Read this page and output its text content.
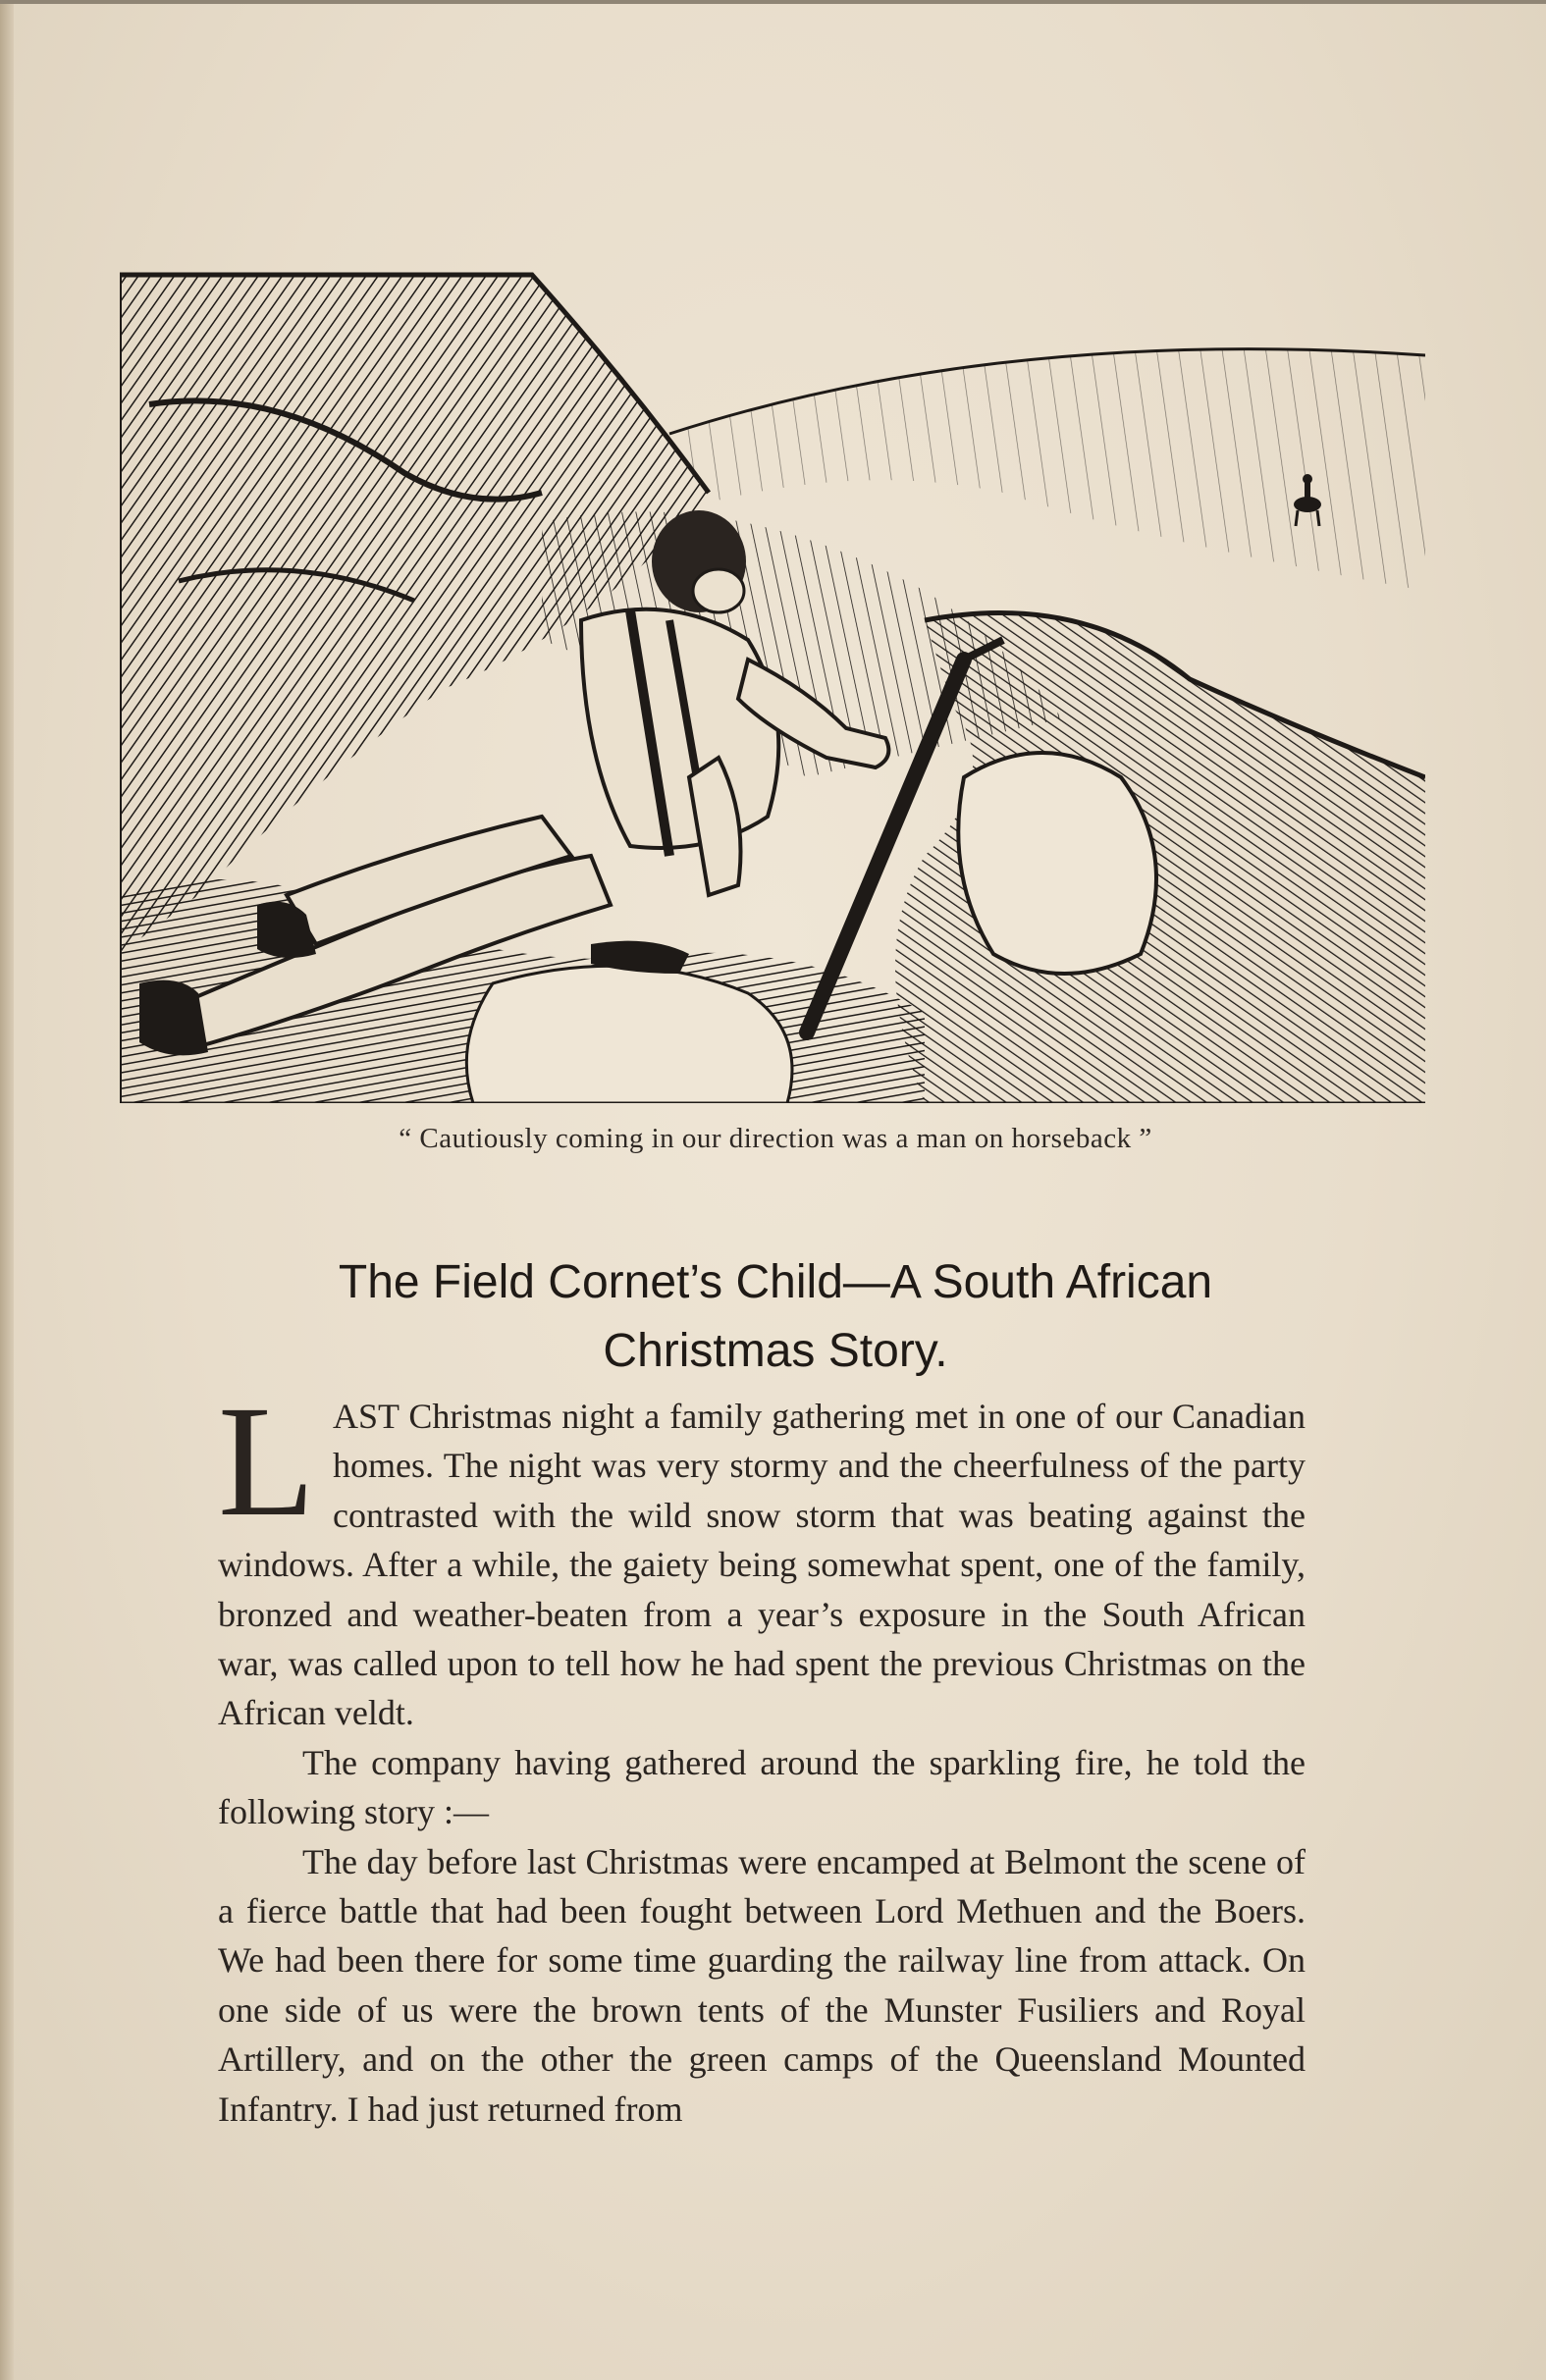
“ Cautiously coming in our direction was a man on horseback ”
The Field Cornet’s Child—A South African
Christmas Story.

LAST Christmas night a family gathering met in one of our Canadian homes. The night was very stormy and the cheerfulness of the party contrasted with the wild snow storm that was beating against the windows. After a while, the gaiety being somewhat spent, one of the family, bronzed and weather-beaten from a year’s exposure in the South African war, was called upon to tell how he had spent the previous Christmas on the African veldt.

The company having gathered around the sparkling fire, he told the following story :—

The day before last Christmas were encamped at Belmont the scene of a fierce battle that had been fought between Lord Methuen and the Boers. We had been there for some time guarding the railway line from attack. On one side of us were the brown tents of the Munster Fusiliers and Royal Artillery, and on the other the green camps of the Queensland Mounted Infantry. I had just returned from
